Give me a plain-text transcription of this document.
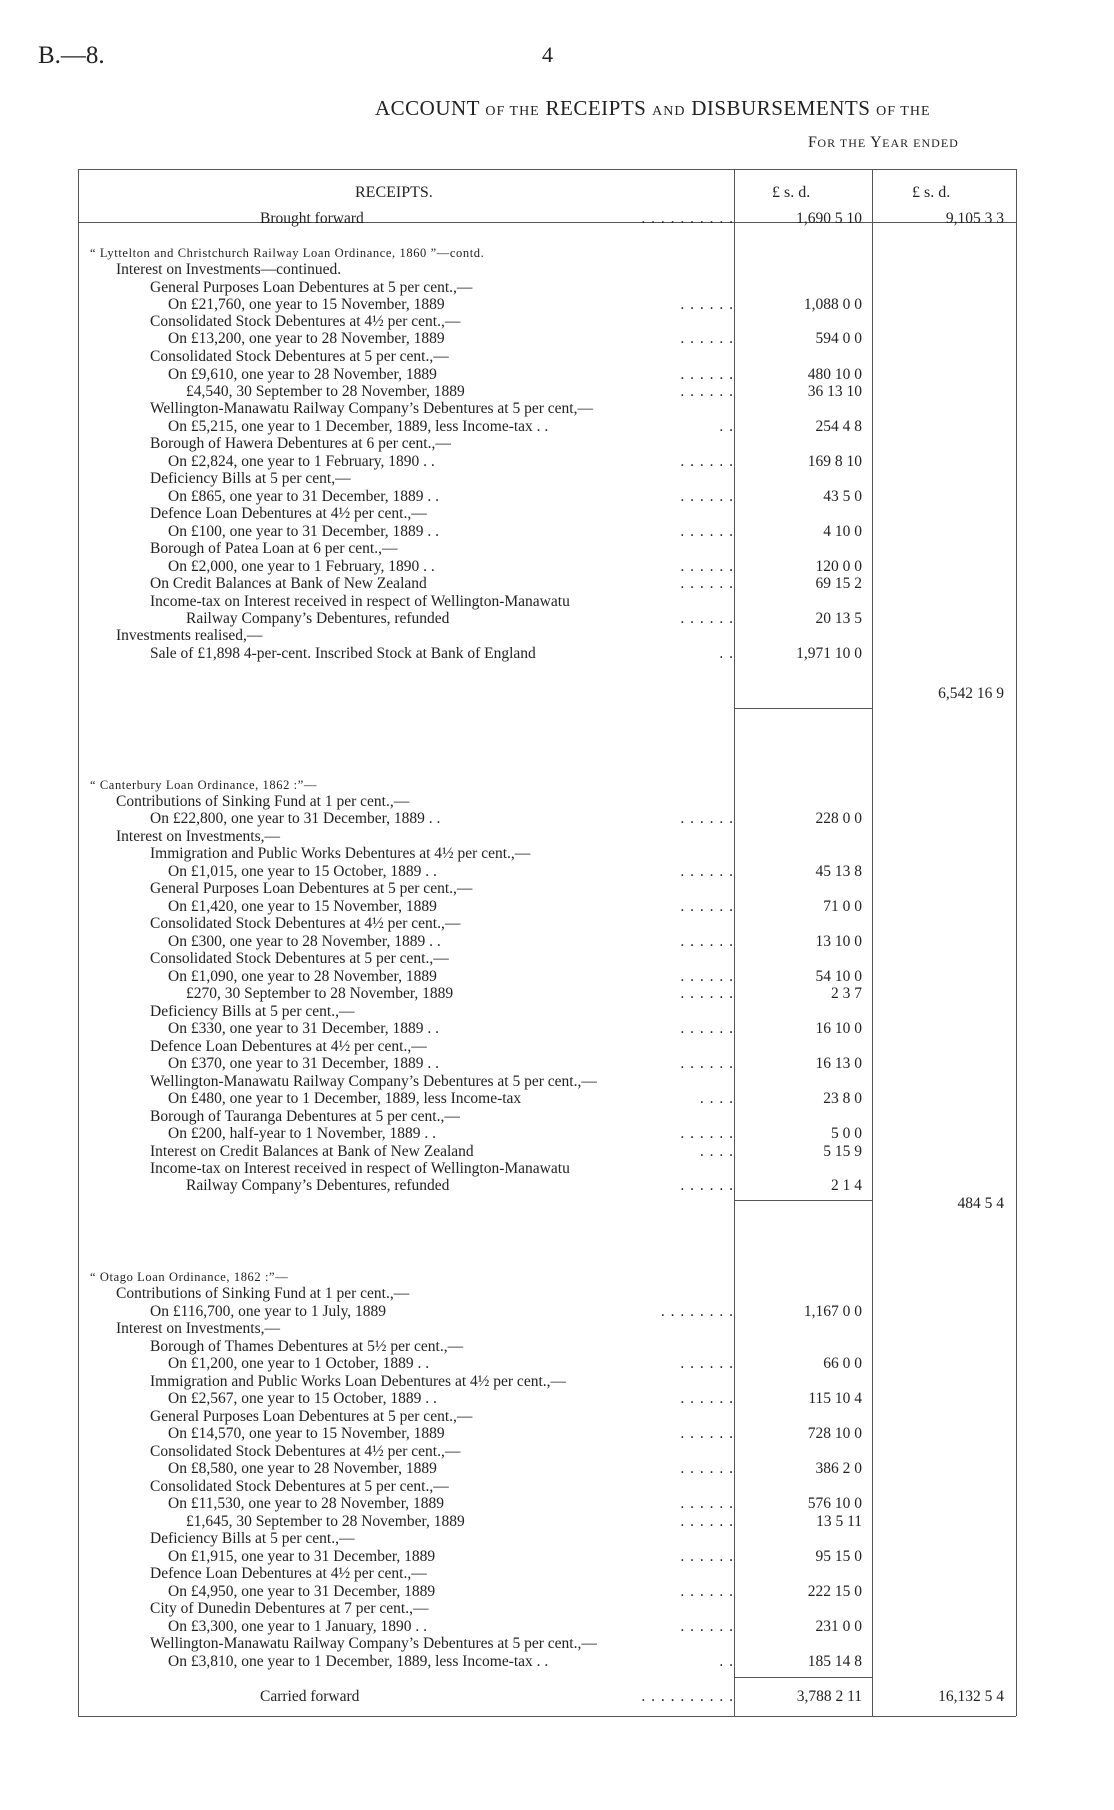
B.—8.	4
ACCOUNT OF THE RECEIPTS AND DISBURSEMENTS OF THE
FOR THE YEAR ENDED
RECEIPTS.	£ s. d.	£ s. d.
Brought forward	. . . . . . . . . .	1,690 5 10	9,105 3 3
“ Lyttelton and Christchurch Railway Loan Ordinance, 1860 ”—contd.
Interest on Investments—continued.
General Purposes Loan Debentures at 5 per cent.,—
On £21,760, one year to 15 November, 1889	. . . . . .	1,088 0 0
Consolidated Stock Debentures at 4½ per cent.,—
On £13,200, one year to 28 November, 1889	. . . . . .	594 0 0
Consolidated Stock Debentures at 5 per cent.,—
On £9,610, one year to 28 November, 1889	. . . . . .	480 10 0
£4,540, 30 September to 28 November, 1889	. . . . . .	36 13 10
Wellington-Manawatu Railway Company’s Debentures at 5 per cent,—
On £5,215, one year to 1 December, 1889, less Income-tax . .	. .	254 4 8
Borough of Hawera Debentures at 6 per cent.,—
On £2,824, one year to 1 February, 1890 . .	. . . . . .	169 8 10
Deficiency Bills at 5 per cent,—
On £865, one year to 31 December, 1889 . .	. . . . . .	43 5 0
Defence Loan Debentures at 4½ per cent.,—
On £100, one year to 31 December, 1889 . .	. . . . . .	4 10 0
Borough of Patea Loan at 6 per cent.,—
On £2,000, one year to 1 February, 1890 . .	. . . . . .	120 0 0
On Credit Balances at Bank of New Zealand	. . . . . .	69 15 2
Income-tax on Interest received in respect of Wellington-Manawatu
Railway Company’s Debentures, refunded	. . . . . .	20 13 5
Investments realised,—
Sale of £1,898 4-per-cent. Inscribed Stock at Bank of England	. .	1,971 10 0
6,542 16 9
“ Canterbury Loan Ordinance, 1862 :”—
Contributions of Sinking Fund at 1 per cent.,—
On £22,800, one year to 31 December, 1889 . .	. . . . . .	228 0 0
Interest on Investments,—
Immigration and Public Works Debentures at 4½ per cent.,—
On £1,015, one year to 15 October, 1889 . .	. . . . . .	45 13 8
General Purposes Loan Debentures at 5 per cent.,—
On £1,420, one year to 15 November, 1889	. . . . . .	71 0 0
Consolidated Stock Debentures at 4½ per cent.,—
On £300, one year to 28 November, 1889 . .	. . . . . .	13 10 0
Consolidated Stock Debentures at 5 per cent.,—
On £1,090, one year to 28 November, 1889	. . . . . .	54 10 0
£270, 30 September to 28 November, 1889	. . . . . .	2 3 7
Deficiency Bills at 5 per cent.,—
On £330, one year to 31 December, 1889 . .	. . . . . .	16 10 0
Defence Loan Debentures at 4½ per cent.,—
On £370, one year to 31 December, 1889 . .	. . . . . .	16 13 0
Wellington-Manawatu Railway Company’s Debentures at 5 per cent.,—
On £480, one year to 1 December, 1889, less Income-tax	. . . .	23 8 0
Borough of Tauranga Debentures at 5 per cent.,—
On £200, half-year to 1 November, 1889 . .	. . . . . .	5 0 0
Interest on Credit Balances at Bank of New Zealand	. . . .	5 15 9
Income-tax on Interest received in respect of Wellington-Manawatu
Railway Company’s Debentures, refunded	. . . . . .	2 1 4
484 5 4
“ Otago Loan Ordinance, 1862 :”—
Contributions of Sinking Fund at 1 per cent.,—
On £116,700, one year to 1 July, 1889	. . . . . . . .	1,167 0 0
Interest on Investments,—
Borough of Thames Debentures at 5½ per cent.,—
On £1,200, one year to 1 October, 1889 . .	. . . . . .	66 0 0
Immigration and Public Works Loan Debentures at 4½ per cent.,—
On £2,567, one year to 15 October, 1889 . .	. . . . . .	115 10 4
General Purposes Loan Debentures at 5 per cent.,—
On £14,570, one year to 15 November, 1889	. . . . . .	728 10 0
Consolidated Stock Debentures at 4½ per cent.,—
On £8,580, one year to 28 November, 1889	. . . . . .	386 2 0
Consolidated Stock Debentures at 5 per cent.,—
On £11,530, one year to 28 November, 1889	. . . . . .	576 10 0
£1,645, 30 September to 28 November, 1889	. . . . . .	13 5 11
Deficiency Bills at 5 per cent.,—
On £1,915, one year to 31 December, 1889	. . . . . .	95 15 0
Defence Loan Debentures at 4½ per cent.,—
On £4,950, one year to 31 December, 1889	. . . . . .	222 15 0
City of Dunedin Debentures at 7 per cent.,—
On £3,300, one year to 1 January, 1890 . .	. . . . . .	231 0 0
Wellington-Manawatu Railway Company’s Debentures at 5 per cent.,—
On £3,810, one year to 1 December, 1889, less Income-tax . .	. .	185 14 8
Carried forward	. . . . . . . . . .	3,788 2 11	16,132 5 4
